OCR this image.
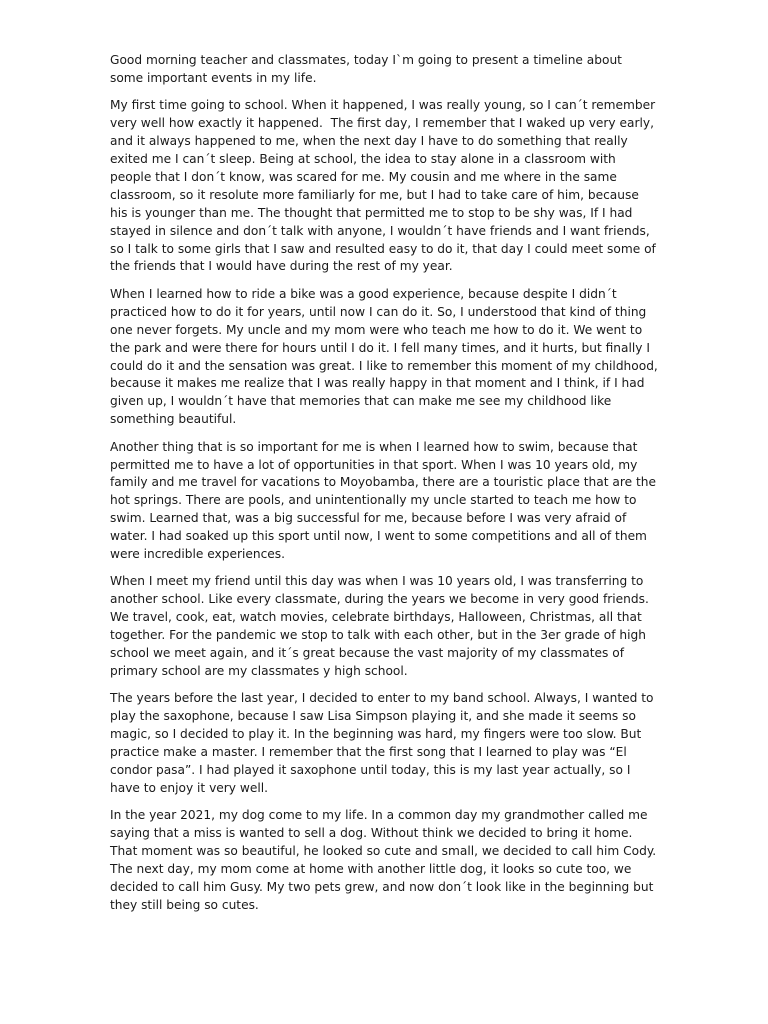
Good morning teacher and classmates, today I`m going to present a timeline about some important events in my life.

My first time going to school. When it happened, I was really young, so I can´t remember very well how exactly it happened.  The first day, I remember that I waked up very early, and it always happened to me, when the next day I have to do something that really exited me I can´t sleep. Being at school, the idea to stay alone in a classroom with people that I don´t know, was scared for me. My cousin and me where in the same classroom, so it resolute more familiarly for me, but I had to take care of him, because his is younger than me. The thought that permitted me to stop to be shy was, If I had stayed in silence and don´t talk with anyone, I wouldn´t have friends and I want friends, so I talk to some girls that I saw and resulted easy to do it, that day I could meet some of the friends that I would have during the rest of my year.

When I learned how to ride a bike was a good experience, because despite I didn´t practiced how to do it for years, until now I can do it. So, I understood that kind of thing one never forgets. My uncle and my mom were who teach me how to do it. We went to the park and were there for hours until I do it. I fell many times, and it hurts, but finally I could do it and the sensation was great. I like to remember this moment of my childhood, because it makes me realize that I was really happy in that moment and I think, if I had given up, I wouldn´t have that memories that can make me see my childhood like something beautiful.

Another thing that is so important for me is when I learned how to swim, because that permitted me to have a lot of opportunities in that sport. When I was 10 years old, my family and me travel for vacations to Moyobamba, there are a touristic place that are the hot springs. There are pools, and unintentionally my uncle started to teach me how to swim. Learned that, was a big successful for me, because before I was very afraid of water. I had soaked up this sport until now, I went to some competitions and all of them were incredible experiences.

When I meet my friend until this day was when I was 10 years old, I was transferring to another school. Like every classmate, during the years we become in very good friends. We travel, cook, eat, watch movies, celebrate birthdays, Halloween, Christmas, all that together. For the pandemic we stop to talk with each other, but in the 3er grade of high school we meet again, and it´s great because the vast majority of my classmates of primary school are my classmates y high school.

The years before the last year, I decided to enter to my band school. Always, I wanted to play the saxophone, because I saw Lisa Simpson playing it, and she made it seems so magic, so I decided to play it. In the beginning was hard, my fingers were too slow. But practice make a master. I remember that the first song that I learned to play was “El condor pasa”. I had played it saxophone until today, this is my last year actually, so I have to enjoy it very well.

In the year 2021, my dog come to my life. In a common day my grandmother called me saying that a miss is wanted to sell a dog. Without think we decided to bring it home. That moment was so beautiful, he looked so cute and small, we decided to call him Cody. The next day, my mom come at home with another little dog, it looks so cute too, we decided to call him Gusy. My two pets grew, and now don´t look like in the beginning but they still being so cutes.
